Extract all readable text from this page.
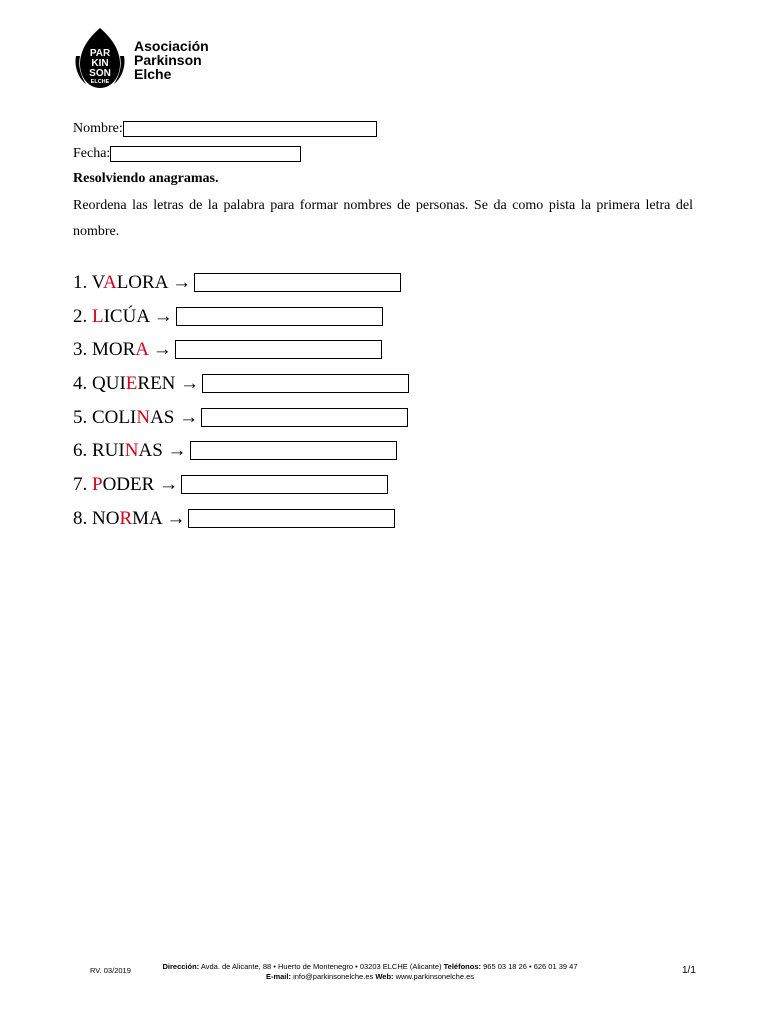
PAR
KIN
SON
ELCHE
Asociación
Parkinson
Elche
Nombre:
Fecha:
Resolviendo anagramas.
Reordena las letras de la palabra para formar nombres de personas. Se da como pista la primera letra del nombre.
1. VALORA →
2. LICÚA →
3. MORA →
4. QUIEREN →
5. COLINAS →
6. RUINAS →
7. PODER →
8. NORMA →
RV. 03/2019	Dirección: Avda. de Alicante, 88 • Huerto de Montenegro • 03203 ELCHE (Alicante) Teléfonos: 965 03 18 26 • 626 01 39 47
E-mail: info@parkinsonelche.es Web: www.parkinsonelche.es
1/1
